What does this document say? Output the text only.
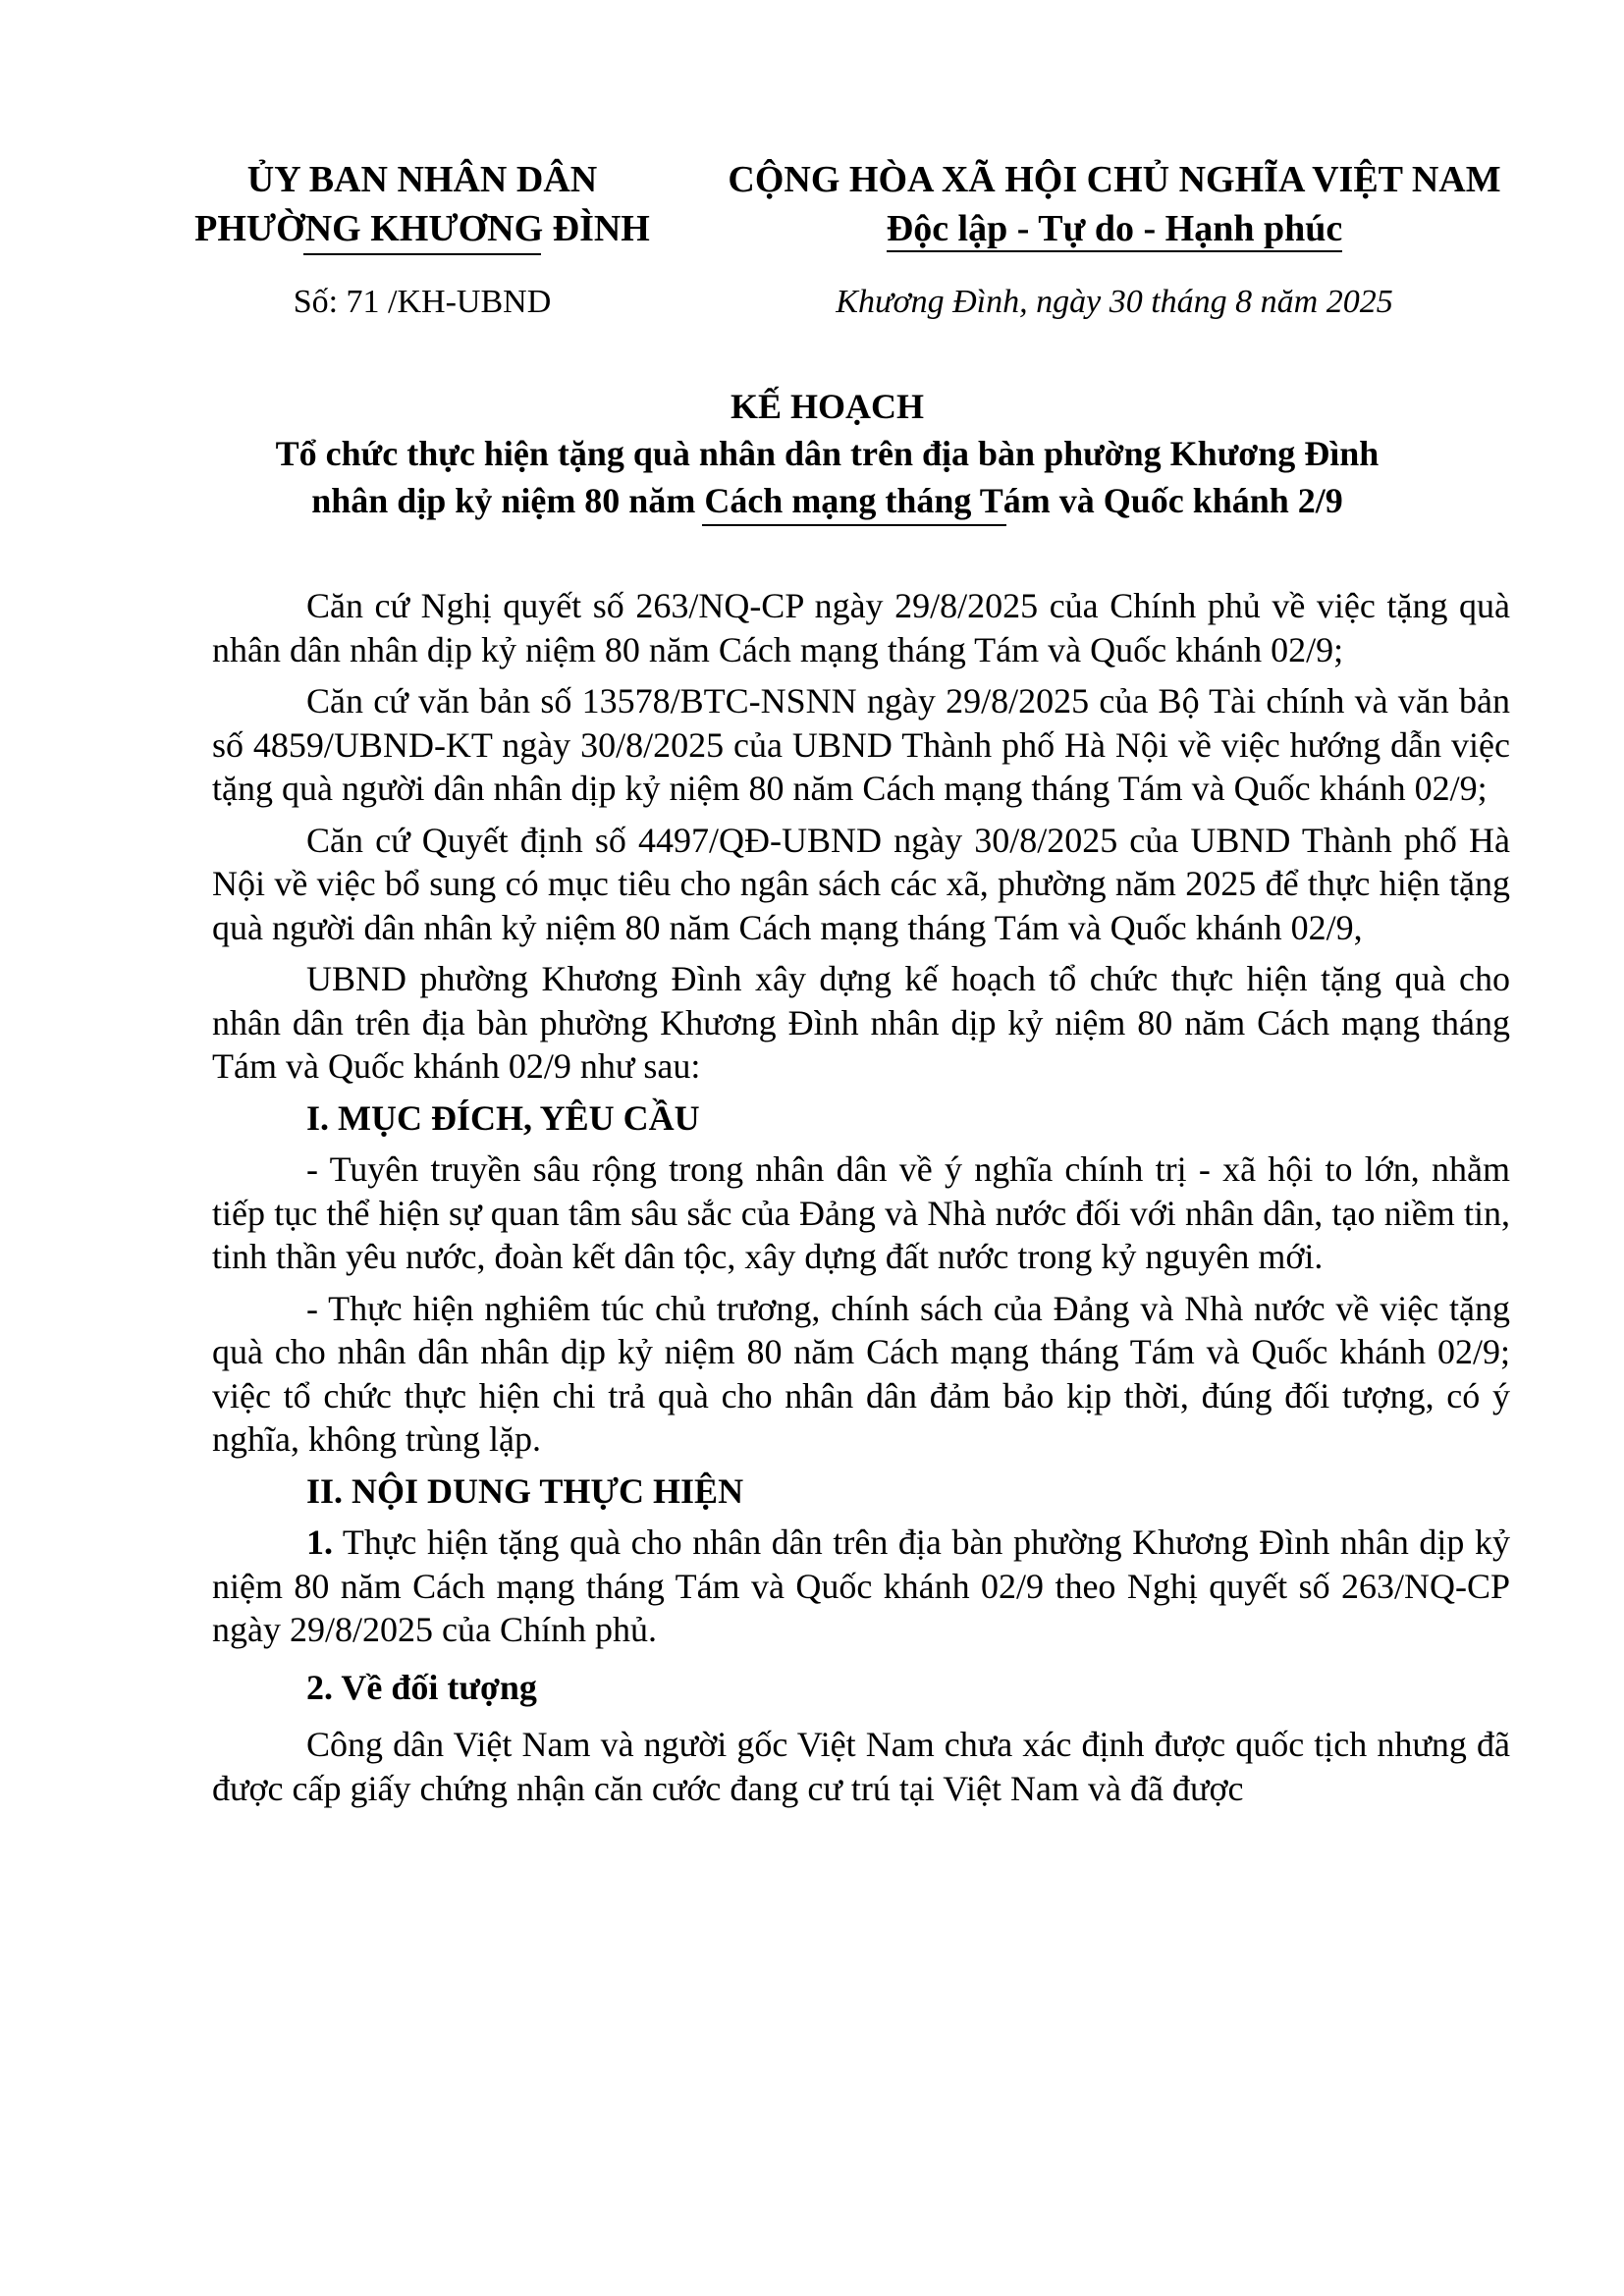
ỦY BAN NHÂN DÂN
PHƯỜNG KHƯƠNG ĐÌNH
CỘNG HÒA XÃ HỘI CHỦ NGHĨA VIỆT NAM
Độc lập - Tự do - Hạnh phúc
Số: 71 /KH-UBND	Khương Đình, ngày 30 tháng 8 năm 2025
KẾ HOẠCH
Tổ chức thực hiện tặng quà nhân dân trên địa bàn phường Khương Đình
nhân dịp kỷ niệm 80 năm Cách mạng tháng Tám và Quốc khánh 2/9

Căn cứ Nghị quyết số 263/NQ-CP ngày 29/8/2025 của Chính phủ về việc tặng quà nhân dân nhân dịp kỷ niệm 80 năm Cách mạng tháng Tám và Quốc khánh 02/9;

Căn cứ văn bản số 13578/BTC-NSNN ngày 29/8/2025 của Bộ Tài chính và văn bản số 4859/UBND-KT ngày 30/8/2025 của UBND Thành phố Hà Nội về việc hướng dẫn việc tặng quà người dân nhân dịp kỷ niệm 80 năm Cách mạng tháng Tám và Quốc khánh 02/9;

Căn cứ Quyết định số 4497/QĐ-UBND ngày 30/8/2025 của UBND Thành phố Hà Nội về việc bổ sung có mục tiêu cho ngân sách các xã, phường năm 2025 để thực hiện tặng quà người dân nhân kỷ niệm 80 năm Cách mạng tháng Tám và Quốc khánh 02/9,

UBND phường Khương Đình xây dựng kế hoạch tổ chức thực hiện tặng quà cho nhân dân trên địa bàn phường Khương Đình nhân dịp kỷ niệm 80 năm Cách mạng tháng Tám và Quốc khánh 02/9 như sau:

I. MỤC ĐÍCH, YÊU CẦU

- Tuyên truyền sâu rộng trong nhân dân về ý nghĩa chính trị - xã hội to lớn, nhằm tiếp tục thể hiện sự quan tâm sâu sắc của Đảng và Nhà nước đối với nhân dân, tạo niềm tin, tinh thần yêu nước, đoàn kết dân tộc, xây dựng đất nước trong kỷ nguyên mới.

- Thực hiện nghiêm túc chủ trương, chính sách của Đảng và Nhà nước về việc tặng quà cho nhân dân nhân dịp kỷ niệm 80 năm Cách mạng tháng Tám và Quốc khánh 02/9; việc tổ chức thực hiện chi trả quà cho nhân dân đảm bảo kịp thời, đúng đối tượng, có ý nghĩa, không trùng lặp.

II. NỘI DUNG THỰC HIỆN

1. Thực hiện tặng quà cho nhân dân trên địa bàn phường Khương Đình nhân dịp kỷ niệm 80 năm Cách mạng tháng Tám và Quốc khánh 02/9 theo Nghị quyết số 263/NQ-CP ngày 29/8/2025 của Chính phủ.

2. Về đối tượng

Công dân Việt Nam và người gốc Việt Nam chưa xác định được quốc tịch nhưng đã được cấp giấy chứng nhận căn cước đang cư trú tại Việt Nam và đã được
